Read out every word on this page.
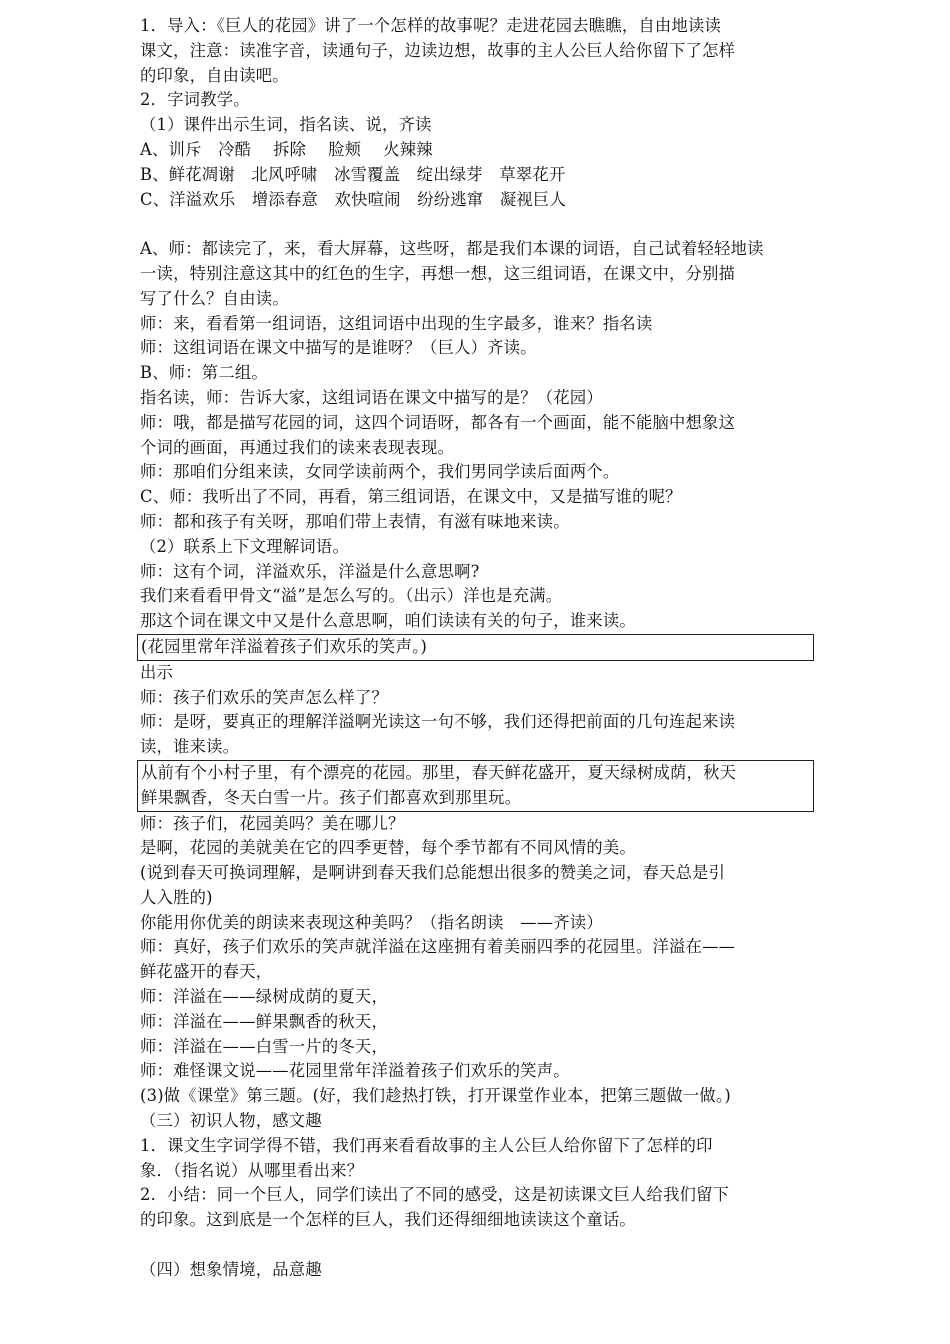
1．导入：《巨人的花园》讲了一个怎样的故事呢？走进花园去瞧瞧，自由地读读
课文，注意：读准字音，读通句子，边读边想，故事的主人公巨人给你留下了怎样
的印象，自由读吧。
2．字词教学。
（1）课件出示生词，指名读、说，齐读
A、训斥　冷酷　 拆除　 脸颊　 火辣辣
B、鲜花凋谢　北风呼啸　冰雪覆盖　绽出绿芽　草翠花开
C、洋溢欢乐　增添春意　欢快喧闹　纷纷逃窜　凝视巨人
A、师：都读完了，来，看大屏幕，这些呀，都是我们本课的词语，自己试着轻轻地读
一读，特别注意这其中的红色的生字，再想一想，这三组词语，在课文中，分别描
写了什么？自由读。
师：来，看看第一组词语，这组词语中出现的生字最多，谁来？指名读
师：这组词语在课文中描写的是谁呀？（巨人）齐读。
B、师：第二组。
指名读，师：告诉大家，这组词语在课文中描写的是？（花园）
师：哦，都是描写花园的词，这四个词语呀，都各有一个画面，能不能脑中想象这
个词的画面，再通过我们的读来表现表现。
师：那咱们分组来读，女同学读前两个，我们男同学读后面两个。
C、师：我听出了不同，再看，第三组词语，在课文中，又是描写谁的呢？
师：都和孩子有关呀，那咱们带上表情，有滋有味地来读。
（2）联系上下文理解词语。
师：这有个词，洋溢欢乐，洋溢是什么意思啊?
我们来看看甲骨文“溢”是怎么写的。（出示）洋也是充满。
那这个词在课文中又是什么意思啊，咱们读读有关的句子，谁来读。
(花园里常年洋溢着孩子们欢乐的笑声。)
出示
师：孩子们欢乐的笑声怎么样了？
师：是呀，要真正的理解洋溢啊光读这一句不够，我们还得把前面的几句连起来读
读，谁来读。
从前有个小村子里，有个漂亮的花园。那里，春天鲜花盛开，夏天绿树成荫，秋天
鲜果飘香，冬天白雪一片。孩子们都喜欢到那里玩。
师：孩子们，花园美吗？美在哪儿？
是啊，花园的美就美在它的四季更替，每个季节都有不同风情的美。
(说到春天可换词理解，是啊讲到春天我们总能想出很多的赞美之词，春天总是引
人入胜的)
你能用你优美的朗读来表现这种美吗？（指名朗读　——齐读）
师：真好，孩子们欢乐的笑声就洋溢在这座拥有着美丽四季的花园里。洋溢在——
鲜花盛开的春天，
师：洋溢在——绿树成荫的夏天，
师：洋溢在——鲜果飘香的秋天，
师：洋溢在——白雪一片的冬天，
师：难怪课文说——花园里常年洋溢着孩子们欢乐的笑声。
(3)做《课堂》第三题。(好，我们趁热打铁，打开课堂作业本，把第三题做一做。)
（三）初识人物，感文趣
1．课文生字词学得不错，我们再来看看故事的主人公巨人给你留下了怎样的印
象．（指名说）从哪里看出来？
2．小结：同一个巨人，同学们读出了不同的感受，这是初读课文巨人给我们留下
的印象。这到底是一个怎样的巨人，我们还得细细地读读这个童话。
（四）想象情境，品意趣
